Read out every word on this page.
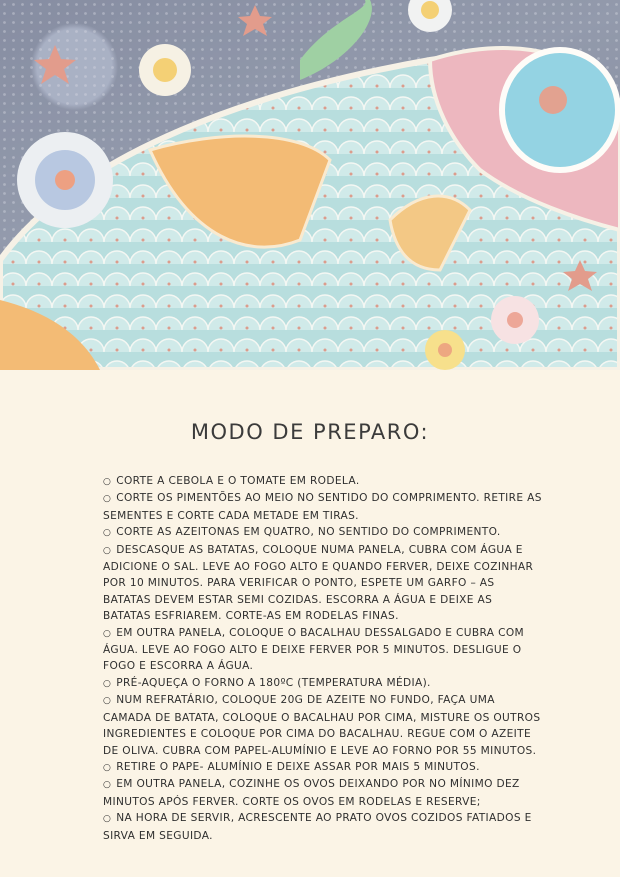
MODO DE PREPARO:

○ CORTE A CEBOLA E O TOMATE EM RODELA.

○ CORTE OS PIMENTÕES AO MEIO NO SENTIDO DO COMPRIMENTO. RETIRE AS SEMENTES E CORTE CADA METADE EM TIRAS.

○ CORTE AS AZEITONAS EM QUATRO, NO SENTIDO DO COMPRIMENTO.

○ DESCASQUE AS BATATAS, COLOQUE NUMA PANELA, CUBRA COM ÁGUA E ADICIONE O SAL. LEVE AO FOGO ALTO E QUANDO FERVER, DEIXE COZINHAR POR 10 MINUTOS. PARA VERIFICAR O PONTO, ESPETE UM GARFO – AS BATATAS DEVEM ESTAR SEMI COZIDAS. ESCORRA A ÁGUA E DEIXE AS BATATAS ESFRIAREM. CORTE-AS EM RODELAS FINAS.

○ EM OUTRA PANELA, COLOQUE O BACALHAU DESSALGADO E CUBRA COM ÁGUA. LEVE AO FOGO ALTO E DEIXE FERVER POR 5 MINUTOS. DESLIGUE O FOGO E ESCORRA A ÁGUA.

○ PRÉ-AQUEÇA O FORNO A 180ºC (TEMPERATURA MÉDIA).

○ NUM REFRATÁRIO, COLOQUE 20G DE AZEITE NO FUNDO, FAÇA UMA CAMADA DE BATATA, COLOQUE O BACALHAU POR CIMA, MISTURE OS OUTROS INGREDIENTES E COLOQUE POR CIMA DO BACALHAU. REGUE COM O AZEITE DE OLIVA. CUBRA COM PAPEL-ALUMÍNIO E LEVE AO FORNO POR 55 MINUTOS.

○ RETIRE O PAPE- ALUMÍNIO E DEIXE ASSAR POR MAIS 5 MINUTOS.

○ EM OUTRA PANELA, COZINHE OS OVOS DEIXANDO POR NO MÍNIMO DEZ MINUTOS APÓS FERVER. CORTE OS OVOS EM RODELAS E RESERVE;

○ NA HORA DE SERVIR, ACRESCENTE AO PRATO OVOS COZIDOS FATIADOS E SIRVA EM SEGUIDA.
